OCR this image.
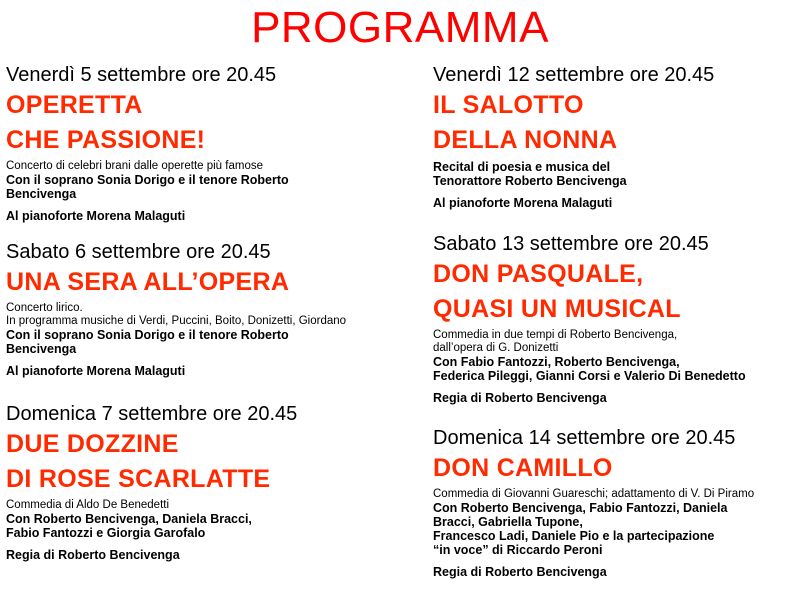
PROGRAMMA
Venerdì 5 settembre ore 20.45
OPERETTA
CHE PASSIONE!
Concerto di celebri brani dalle operette più famose
Con il soprano Sonia Dorigo e il tenore Roberto
Bencivenga
Al pianoforte Morena Malaguti
Sabato 6 settembre ore 20.45
UNA SERA ALL’OPERA
Concerto lirico.
In programma musiche di Verdi, Puccini, Boito, Donizetti, Giordano
Con il soprano Sonia Dorigo e il tenore Roberto
Bencivenga
Al pianoforte Morena Malaguti
Domenica 7 settembre ore 20.45
DUE DOZZINE
DI ROSE SCARLATTE
Commedia di Aldo De Benedetti
Con Roberto Bencivenga, Daniela Bracci,
Fabio Fantozzi e Giorgia Garofalo
Regia di Roberto Bencivenga
Venerdì 12 settembre ore 20.45
IL SALOTTO
DELLA NONNA
Recital di poesia e musica del
Tenorattore Roberto Bencivenga
Al pianoforte Morena Malaguti
Sabato 13 settembre ore 20.45
DON PASQUALE,
QUASI UN MUSICAL
Commedia in due tempi di Roberto Bencivenga,
dall’opera di G. Donizetti
Con Fabio Fantozzi, Roberto Bencivenga,
Federica Pileggi, Gianni Corsi e Valerio Di Benedetto
Regia di Roberto Bencivenga
Domenica 14 settembre ore 20.45
DON CAMILLO
Commedia di Giovanni Guareschi; adattamento di V. Di Piramo
Con Roberto Bencivenga, Fabio Fantozzi, Daniela
Bracci, Gabriella Tupone,
Francesco Ladi, Daniele Pio e la partecipazione
“in voce” di Riccardo Peroni
Regia di Roberto Bencivenga
